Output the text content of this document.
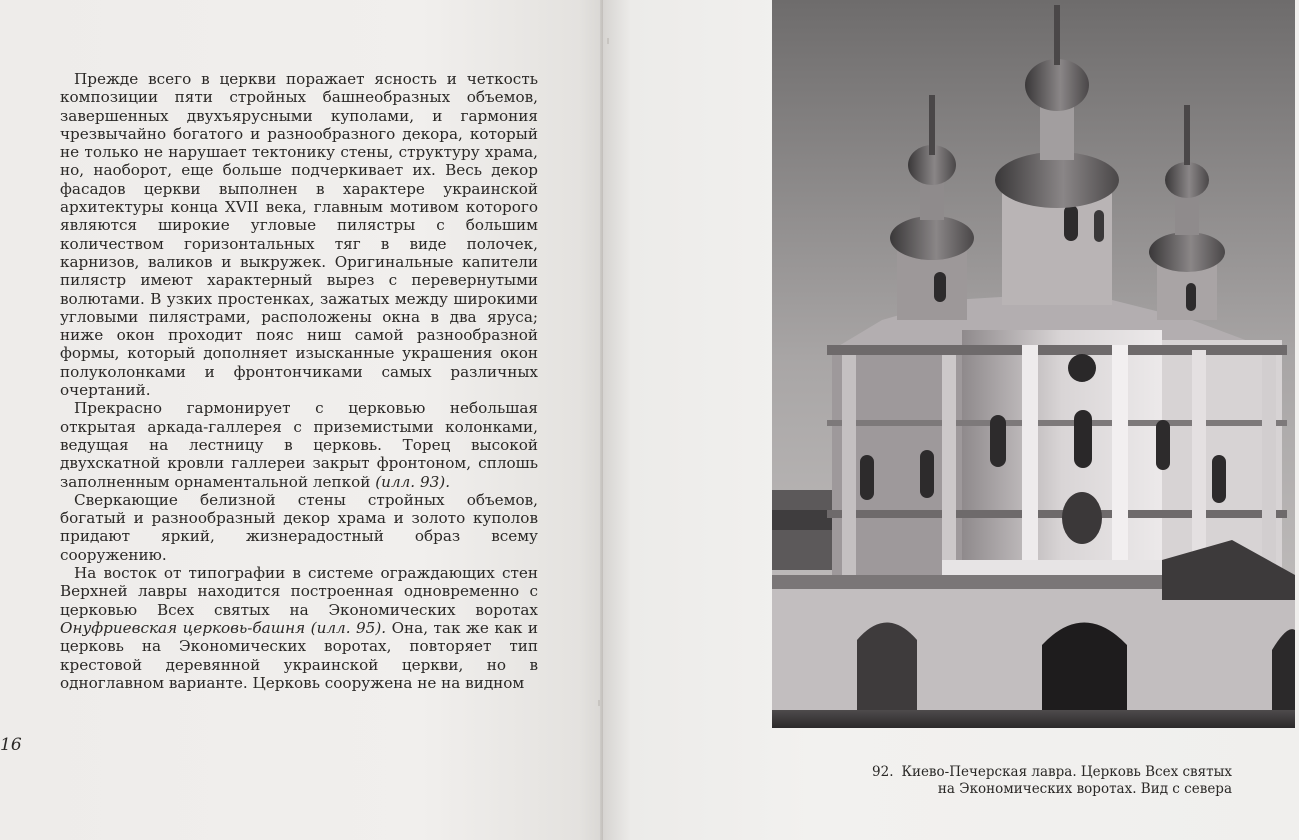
Прежде всего в церкви поражает ясность и четкость композиции пяти стройных башнеобразных объемов, завершенных двухъярусными куполами, и гармония чрезвычайно богатого и разнообразного декора, который не только не нарушает тектонику стены, структуру храма, но, наоборот, еще больше подчеркивает их. Весь декор фасадов церкви выполнен в характере украинской архитектуры конца XVII века, главным мотивом которого являются широкие угловые пилястры с большим количеством горизонтальных тяг в виде полочек, карнизов, валиков и выкружек. Оригинальные капители пилястр имеют характерный вырез с перевернутыми волютами. В узких простенках, зажатых между широкими угловыми пилястрами, расположены окна в два яруса; ниже окон проходит пояс ниш самой разнообразной формы, который дополняет изысканные украшения окон полуколонками и фронтончиками самых различных очертаний.

Прекрасно гармонирует с церковью небольшая открытая аркада-галлерея с приземистыми колонками, ведущая на лестницу в церковь. Торец высокой двухскатной кровли галлереи закрыт фронтоном, сплошь заполненным орнаментальной лепкой (илл. 93).

Сверкающие белизной стены стройных объемов, богатый и разнообразный декор храма и золото куполов придают яркий, жизнерадостный образ всему сооружению.

На восток от типографии в системе ограждающих стен Верхней лавры находится построенная одновременно с церковью Всех святых на Экономических воротах Онуфриевская церковь-башня (илл. 95). Она, так же как и церковь на Экономических воротах, повторяет тип крестовой деревянной украинской церкви, но в одноглавном варианте. Церковь сооружена не на видном

16
92. Киево-Печерская лавра. Церковь Всех святых
на Экономических воротах. Вид с севера
